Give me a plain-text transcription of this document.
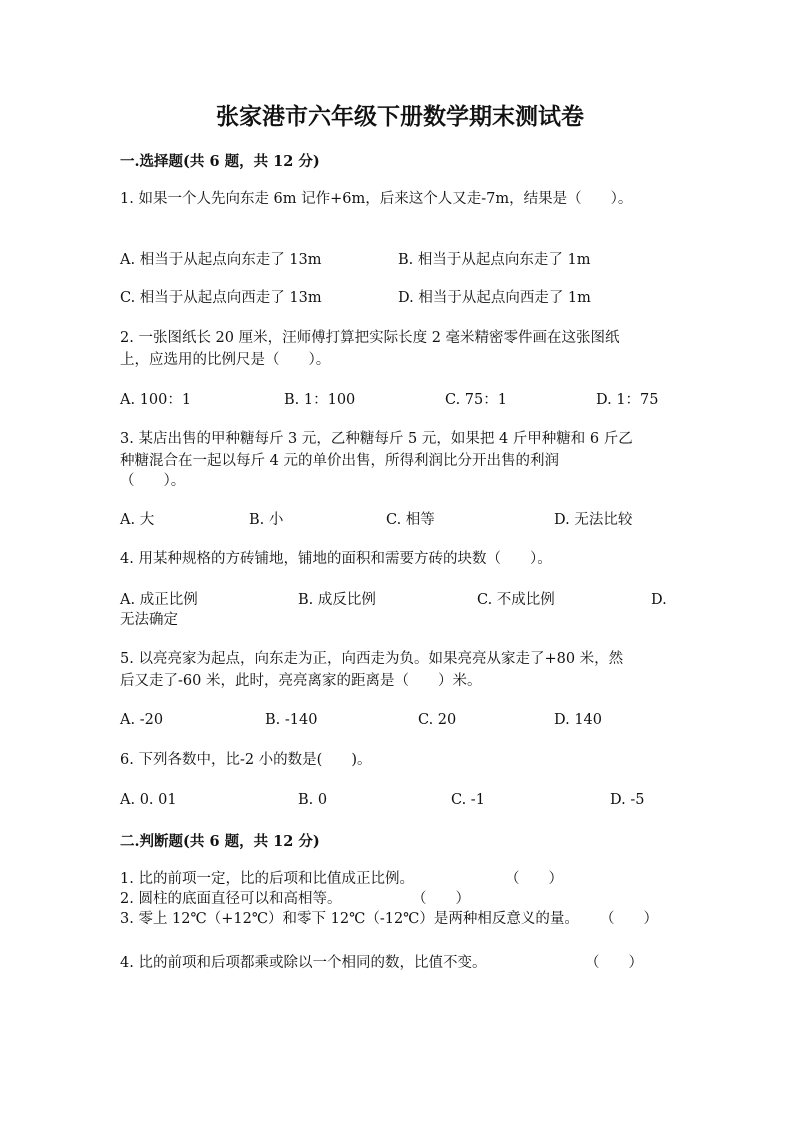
张家港市六年级下册数学期末测试卷
一.选择题(共 6 题，共 12 分)
1. 如果一个人先向东走 6m 记作+6m，后来这个人又走-7m，结果是（　　）。
A. 相当于从起点向东走了 13m	B. 相当于从起点向东走了 1m
C. 相当于从起点向西走了 13m	D. 相当于从起点向西走了 1m
2. 一张图纸长 20 厘米，汪师傅打算把实际长度 2 毫米精密零件画在这张图纸
上，应选用的比例尺是（　　）。
A. 100：1	B. 1：100	C. 75：1	D. 1：75
3. 某店出售的甲种糖每斤 3 元，乙种糖每斤 5 元，如果把 4 斤甲种糖和 6 斤乙
种糖混合在一起以每斤 4 元的单价出售，所得利润比分开出售的利润
（　　）。
A. 大	B. 小	C. 相等	D. 无法比较
4. 用某种规格的方砖铺地，铺地的面积和需要方砖的块数（　　）。
A. 成正比例	B. 成反比例	C. 不成比例	D.
无法确定
5. 以亮亮家为起点，向东走为正，向西走为负。如果亮亮从家走了+80 米，然
后又走了-60 米，此时，亮亮离家的距离是（　　）米。
A. -20	B. -140	C. 20	D. 140
6. 下列各数中，比-2 小的数是(　　)。
A. 0. 01	B. 0	C. -1	D. -5
二.判断题(共 6 题，共 12 分)
1. 比的前项一定，比的后项和比值成正比例。	（　　）
2. 圆柱的底面直径可以和高相等。	（　　）
3. 零上 12℃（+12℃）和零下 12℃（-12℃）是两种相反意义的量。 （　　）
4. 比的前项和后项都乘或除以一个相同的数，比值不变。	（　　）
